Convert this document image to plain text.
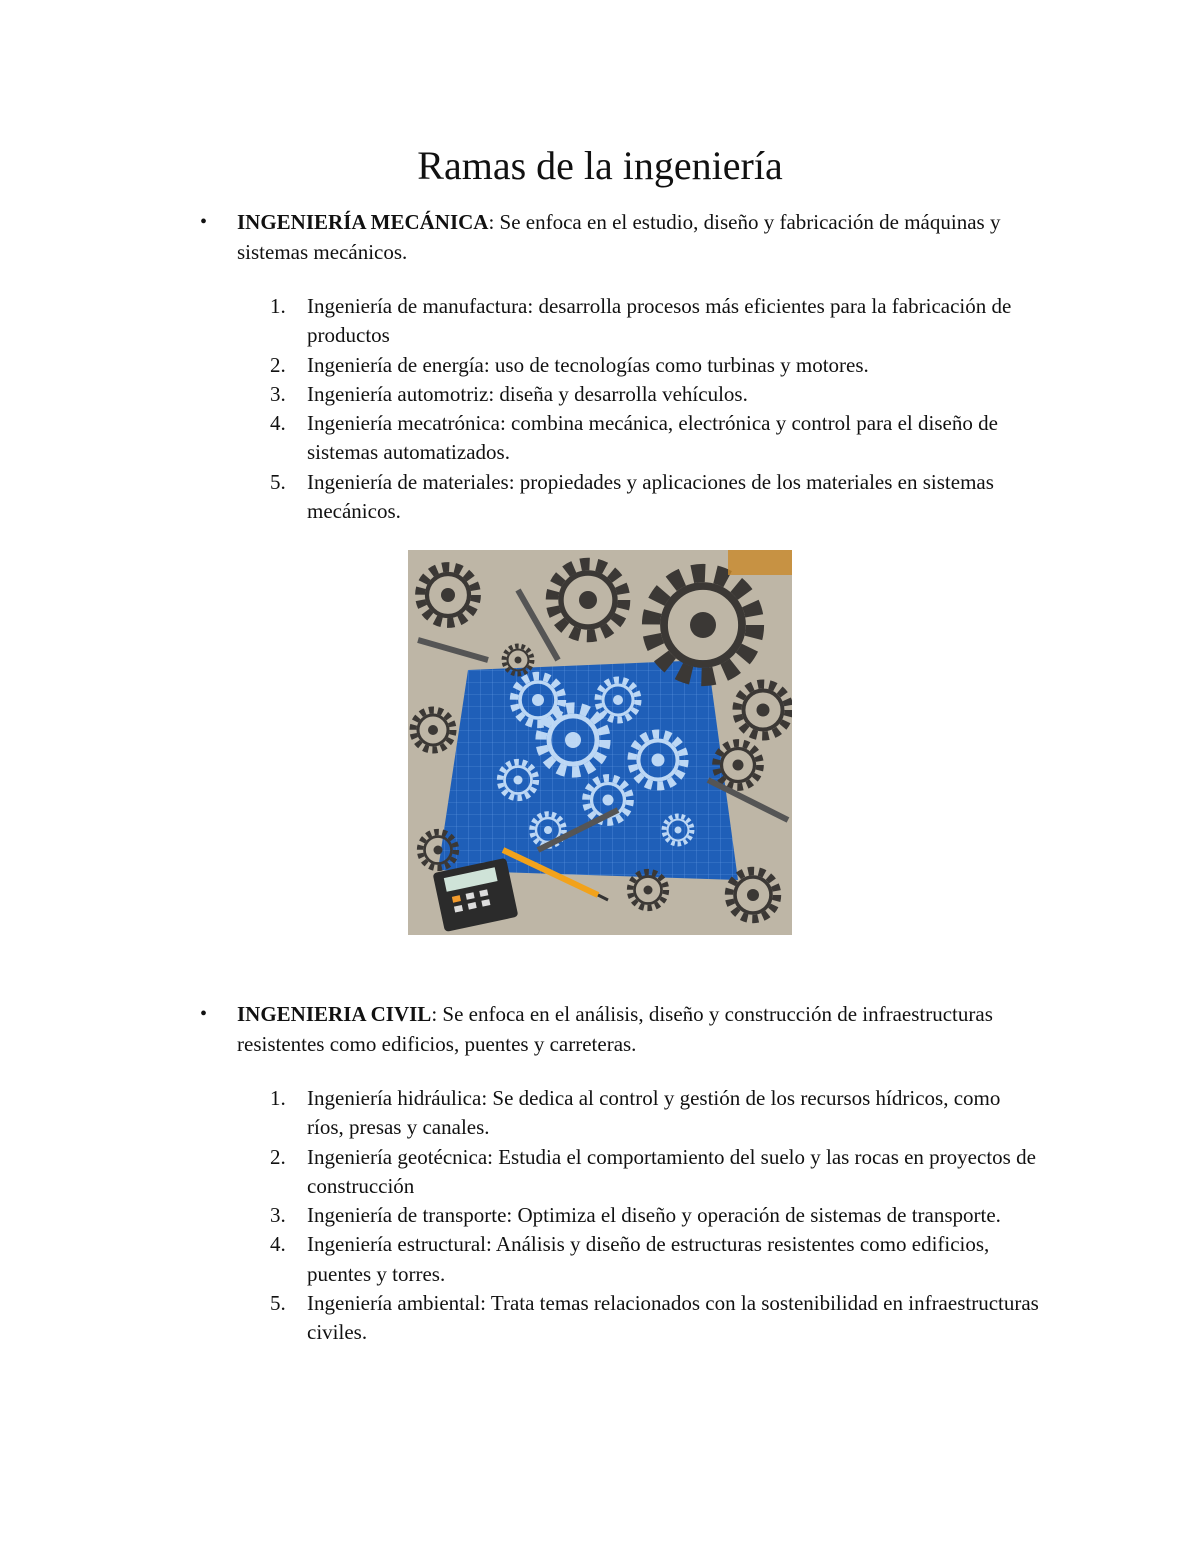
Ramas de la ingeniería
•	INGENIERÍA MECÁNICA: Se enfoca en el estudio, diseño y fabricación de máquinas y sistemas mecánicos.
1. Ingeniería de manufactura: desarrolla procesos más eficientes para la fabricación de productos
2. Ingeniería de energía: uso de tecnologías como turbinas y motores.
3. Ingeniería automotriz: diseña y desarrolla vehículos.
4. Ingeniería mecatrónica: combina mecánica, electrónica y control para el diseño de sistemas automatizados.
5. Ingeniería de materiales: propiedades y aplicaciones de los materiales en sistemas mecánicos.
•	INGENIERIA CIVIL: Se enfoca en el análisis, diseño y construcción de infraestructuras resistentes como edificios, puentes y carreteras.
1. Ingeniería hidráulica: Se dedica al control y gestión de los recursos hídricos, como ríos, presas y canales.
2. Ingeniería geotécnica: Estudia el comportamiento del suelo y las rocas en proyectos de construcción
3. Ingeniería de transporte: Optimiza el diseño y operación de sistemas de transporte.
4. Ingeniería estructural: Análisis y diseño de estructuras resistentes como edificios, puentes y torres.
5. Ingeniería ambiental: Trata temas relacionados con la sostenibilidad en infraestructuras civiles.
